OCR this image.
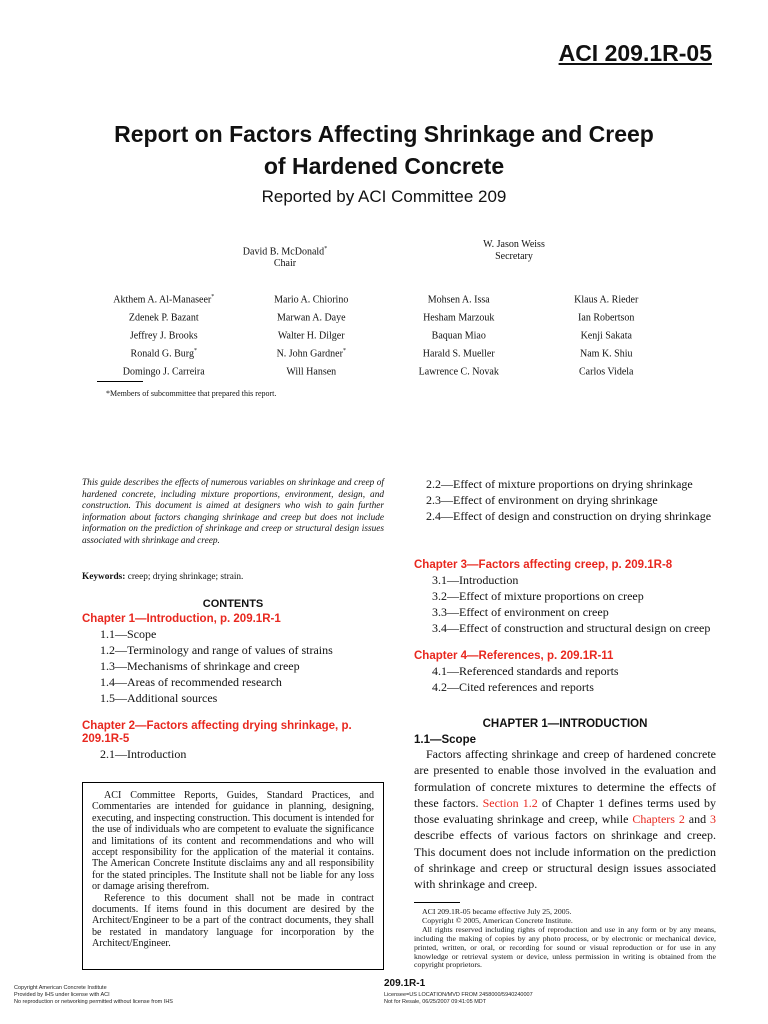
ACI 209.1R-05
Report on Factors Affecting Shrinkage and Creep
of Hardened Concrete
Reported by ACI Committee 209
David B. McDonald*
Chair
W. Jason Weiss
Secretary
Akthem A. Al-Manaseer*
Zdenek P. Bazant
Jeffrey J. Brooks
Ronald G. Burg*
Domingo J. Carreira
Mario A. Chiorino
Marwan A. Daye
Walter H. Dilger
N. John Gardner*
Will Hansen
Mohsen A. Issa
Hesham Marzouk
Baquan Miao
Harald S. Mueller
Lawrence C. Novak
Klaus A. Rieder
Ian Robertson
Kenji Sakata
Nam K. Shiu
Carlos Videla
*Members of subcommittee that prepared this report.
This guide describes the effects of numerous variables on shrinkage and creep of hardened concrete, including mixture proportions, environment, design, and construction. This document is aimed at designers who wish to gain further information about factors changing shrinkage and creep but does not include information on the prediction of shrinkage and creep or structural design issues associated with shrinkage and creep.
Keywords: creep; drying shrinkage; strain.
CONTENTS
Chapter 1—Introduction, p. 209.1R-1
1.1—Scope
1.2—Terminology and range of values of strains
1.3—Mechanisms of shrinkage and creep
1.4—Areas of recommended research
1.5—Additional sources
Chapter 2—Factors affecting drying shrinkage, p. 209.1R-5
2.1—Introduction

ACI Committee Reports, Guides, Standard Practices, and Commentaries are intended for guidance in planning, designing, executing, and inspecting construction. This document is intended for the use of individuals who are competent to evaluate the significance and limitations of its content and recommendations and who will accept responsibility for the application of the material it contains. The American Concrete Institute disclaims any and all responsibility for the stated principles. The Institute shall not be liable for any loss or damage arising therefrom.

Reference to this document shall not be made in contract documents. If items found in this document are desired by the Architect/Engineer to be a part of the contract documents, they shall be restated in mandatory language for incorporation by the Architect/Engineer.

2.2—Effect of mixture proportions on drying shrinkage
2.3—Effect of environment on drying shrinkage
2.4—Effect of design and construction on drying shrinkage
Chapter 3—Factors affecting creep, p. 209.1R-8
3.1—Introduction
3.2—Effect of mixture proportions on creep
3.3—Effect of environment on creep
3.4—Effect of construction and structural design on creep
Chapter 4—References, p. 209.1R-11
4.1—Referenced standards and reports
4.2—Cited references and reports
CHAPTER 1—INTRODUCTION
1.1—Scope
Factors affecting shrinkage and creep of hardened concrete are presented to enable those involved in the evaluation and formulation of concrete mixtures to determine the effects of these factors. Section 1.2 of Chapter 1 defines terms used by those evaluating shrinkage and creep, while Chapters 2 and 3 describe effects of various factors on shrinkage and creep. This document does not include information on the prediction of shrinkage and creep or structural design issues associated with shrinkage and creep.

ACI 209.1R-05 became effective July 25, 2005.

Copyright © 2005, American Concrete Institute.

All rights reserved including rights of reproduction and use in any form or by any means, including the making of copies by any photo process, or by electronic or mechanical device, printed, written, or oral, or recording for sound or visual reproduction or for use in any knowledge or retrieval system or device, unless permission in writing is obtained from the copyright proprietors.

Copyright American Concrete Institute
Provided by IHS under license with ACI
No reproduction or networking permitted without license from IHS
Licensee=US LOCATION/MVD FROM 2458000/5940240007
Not for Resale, 06/25/2007 09:41:05 MDT
209.1R-1
